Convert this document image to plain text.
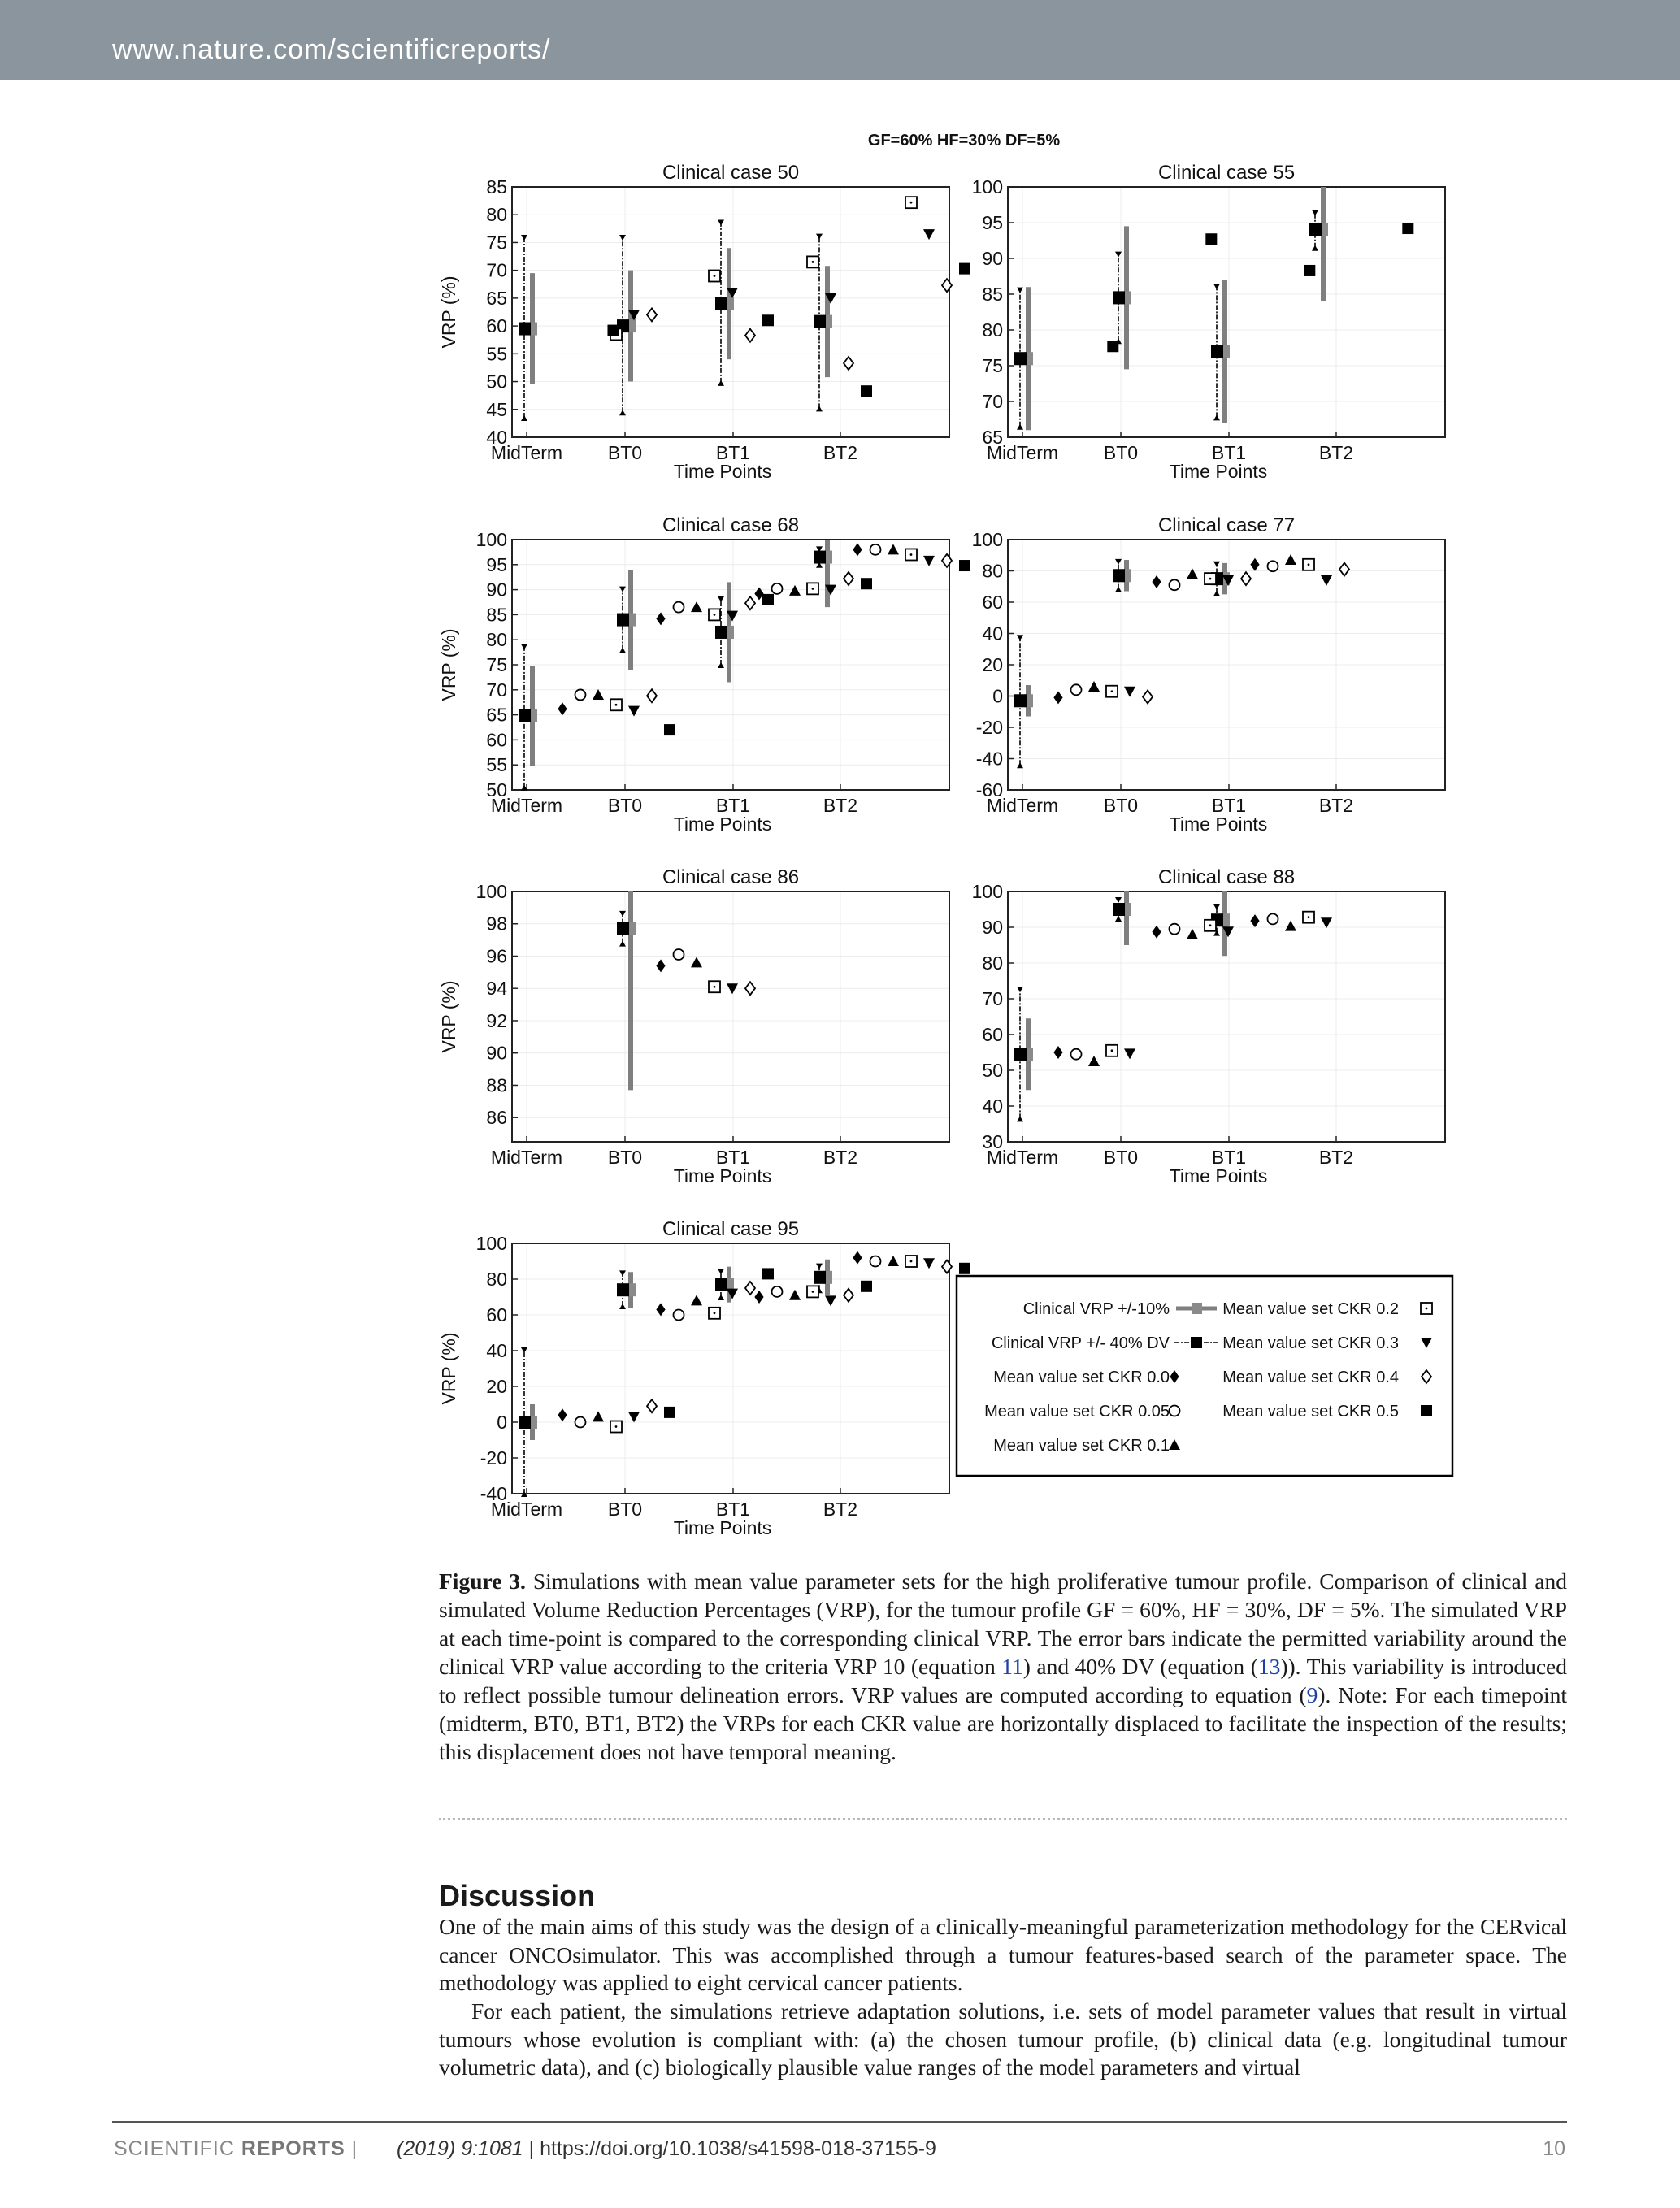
www.nature.com/scientificreports/
GF=60% HF=30% DF=5%
40
45
50
55
60
65
70
75
80
85
MidTerm BT0	BT1	BT2
Time Points
Clinical case 50
VRP (%)
65
70
75
80
85
90
95
100
MidTerm BT0	BT1	BT2
Time Points
Clinical case 55
50
55
60
65
70
75
80
85
90
95
100
MidTerm BT0	BT1	BT2
Time Points
Clinical case 68
VRP (%)
-60
-40
-20
0
20
40
60
80
100
MidTerm BT0	BT1	BT2
Time Points
Clinical case 77
86
88
90
92
94
96
98
100
MidTerm BT0	BT1	BT2
Time Points
Clinical case 86
VRP (%)
30
40
50
60
70
80
90
100
MidTerm BT0	BT1	BT2
Time Points
Clinical case 88
-40
-20
0
20
40
60
80
100
MidTerm BT0	BT1	BT2
Time Points
Clinical case 95
VRP (%)
Clinical VRP +/-10%
Clinical VRP +/- 40% DV
Mean value set CKR 0.0
Mean value set CKR 0.05
Mean value set CKR 0.1
Mean value set CKR 0.2
Mean value set CKR 0.3
Mean value set CKR 0.4
Mean value set CKR 0.5
Figure 3. Simulations with mean value parameter sets for the high proliferative tumour profile. Comparison of clinical and simulated Volume Reduction Percentages (VRP), for the tumour profile GF = 60%, HF = 30%, DF = 5%. The simulated VRP at each time-point is compared to the corresponding clinical VRP. The error bars indicate the permitted variability around the clinical VRP value according to the criteria VRP 10 (equation 11) and 40% DV (equation (13)). This variability is introduced to reflect possible tumour delineation errors. VRP values are computed according to equation (9). Note: For each timepoint (midterm, BT0, BT1, BT2) the VRPs for each CKR value are horizontally displaced to facilitate the inspection of the results; this displacement does not have temporal meaning.
Discussion
One of the main aims of this study was the design of a clinically-meaningful parameterization methodology for the CERvical cancer ONCOsimulator. This was accomplished through a tumour features-based search of the parameter space. The methodology was applied to eight cervical cancer patients.
For each patient, the simulations retrieve adaptation solutions, i.e. sets of model parameter values that result in virtual tumours whose evolution is compliant with: (a) the chosen tumour profile, (b) clinical data (e.g. longitudinal tumour volumetric data), and (c) biologically plausible value ranges of the model parameters and virtual
SCIENTIFIC REPORTS | (2019) 9:1081 | https://doi.org/10.1038/s41598-018-37155-9	10
